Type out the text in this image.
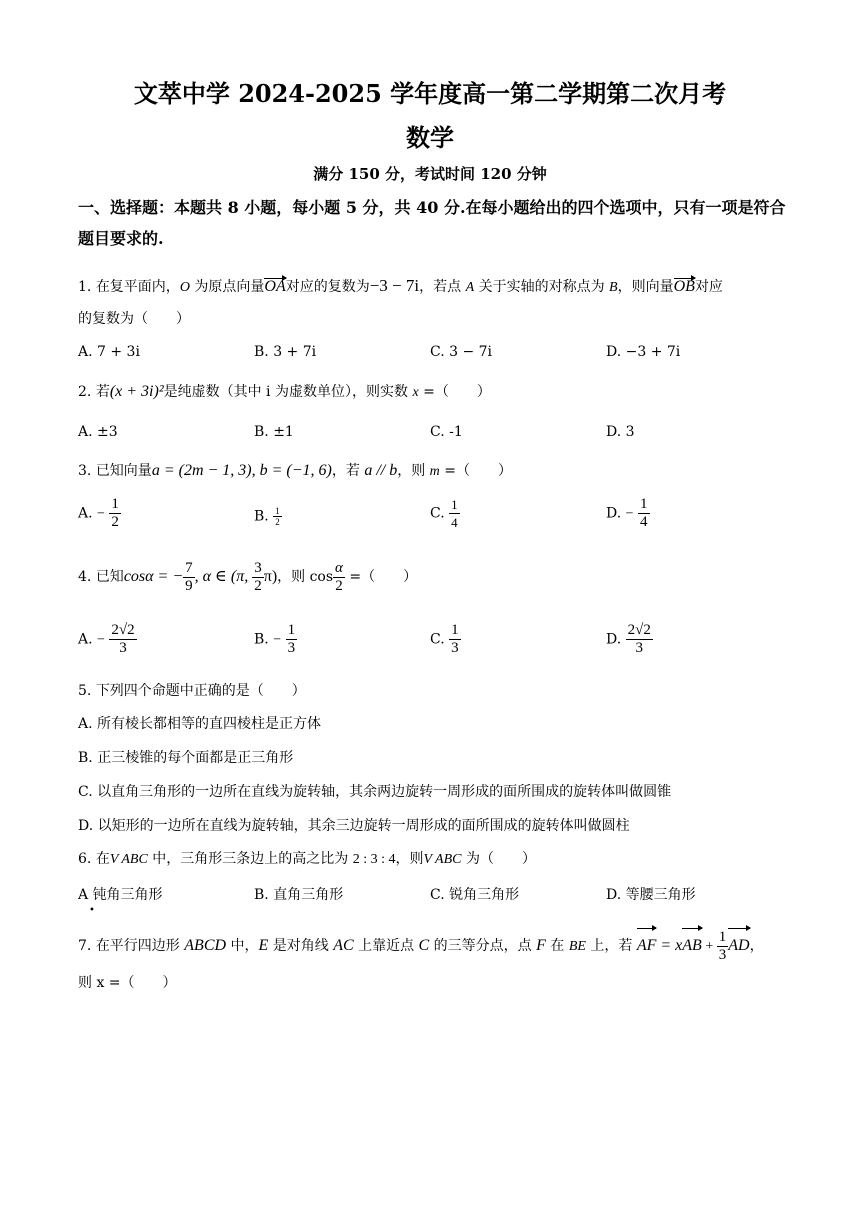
文萃中学 2024-2025 学年度高一第二学期第二次月考
数学
满分 150 分，考试时间 120 分钟
一、选择题：本题共 8 小题，每小题 5 分，共 40 分.在每小题给出的四个选项中，只有一项是符合题目要求的.
1. 在复平面内，O 为原点向量OA对应的复数为−3 − 7i，若点 A 关于实轴的对称点为 B，则向量OB对应
的复数为（　　）
A. 7 + 3i	B. 3 + 7i	C. 3 − 7i	D. −3 + 7i
2. 若(x + 3i)²是纯虚数（其中 i 为虚数单位），则实数 x =（　　）
A. ±3	B. ±1	C. -1	D. 3
3. 已知向量a = (2m − 1, 3), b = (−1, 6)，若 a // b，则 m =（　　）
A. − $\frac{1}{2}$	B. $\frac{1}{2}$	C. $\frac{1}{4}$	D. − $\frac{1}{4}$
4. 已知cosα = − $\frac{7}{9}$ , α ∈ (π, $\frac{3}{2} \pi$)，则 $\cos \frac{\alpha}{2}$ =（　　）
A. − $\frac{2√2}{3}$	B. − $\frac{1}{3}$	C. $\frac{1}{3}$	D. $\frac{2√2}{3}$
5. 下列四个命题中正确的是（　　）
A. 所有棱长都相等的直四棱柱是正方体
B. 正三棱锥的每个面都是正三角形
C. 以直角三角形的一边所在直线为旋转轴，其余两边旋转一周形成的面所围成的旋转体叫做圆锥
D. 以矩形的一边所在直线为旋转轴，其余三边旋转一周形成的面所围成的旋转体叫做圆柱
6. 在V ABC 中，三角形三条边上的高之比为 2 : 3 : 4，则V ABC 为（　　）
A 钝角三角形
•
B. 直角三角形	C. 锐角三角形	D. 等腰三角形
7. 在平行四边形 ABCD 中，E 是对角线 AC 上靠近点 C 的三等分点，点 F 在 BE 上，若 AF = xAB + $\frac{1}{3}$ AD，
则 x =（　　）
